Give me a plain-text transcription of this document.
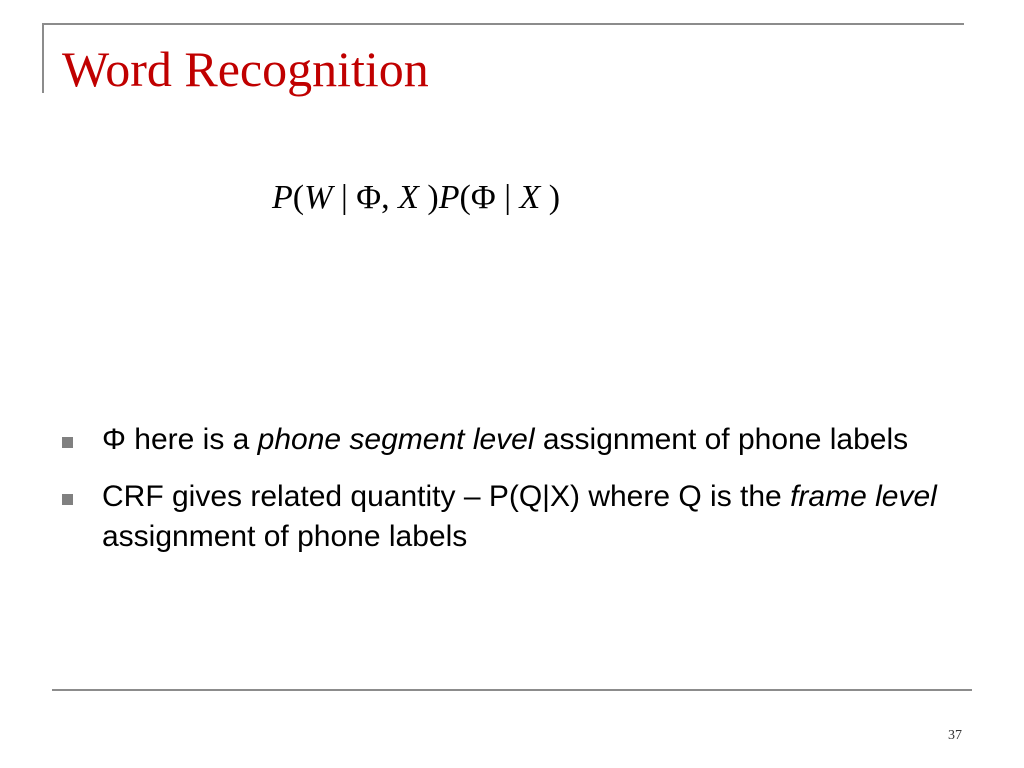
Word Recognition
P(W | Φ, X )P(Φ | X )
Φ here is a phone segment level assignment of phone labels
CRF gives related quantity – P(Q|X) where Q is the frame level assignment of phone labels
37
